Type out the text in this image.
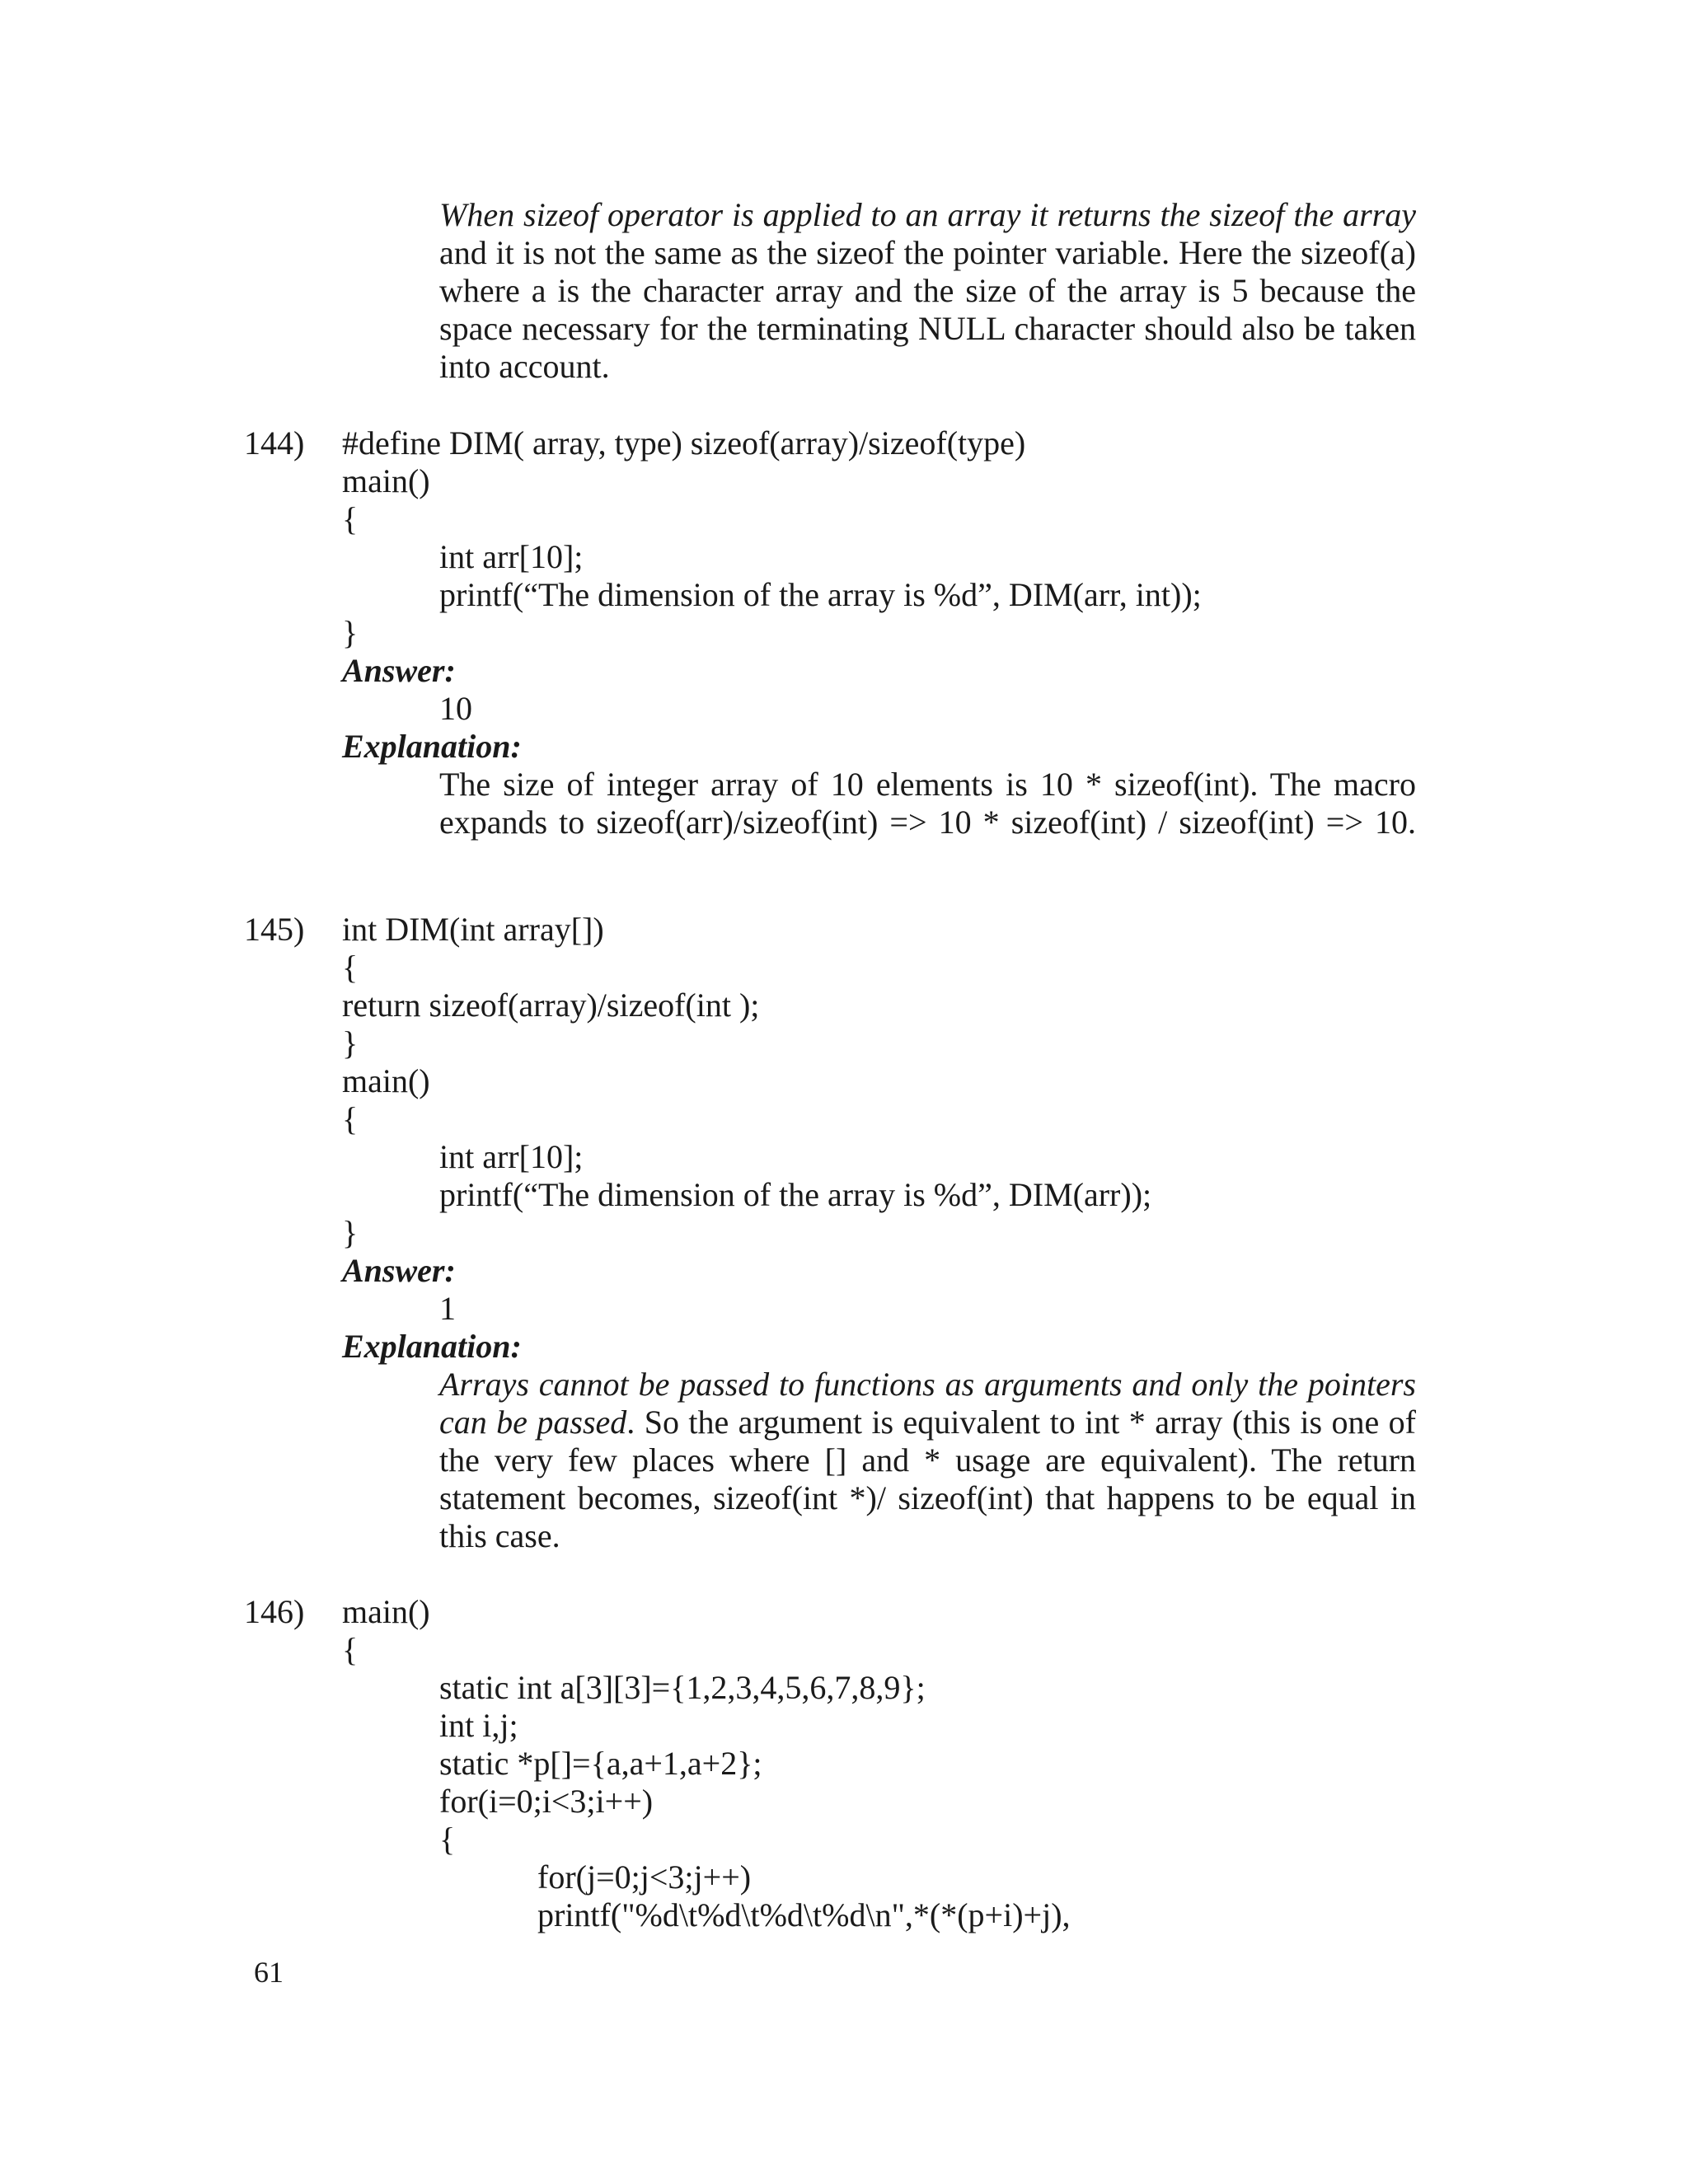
When sizeof operator is applied to an array it returns the sizeof the array

and it is not the same as the sizeof the pointer variable. Here the sizeof(a)

where a is the character array and the size of the array is 5 because the

space necessary for the terminating NULL character should also be taken

into account.

144) #define DIM( array, type) sizeof(array)/sizeof(type)

main()

{

int arr[10];

printf(“The dimension of the array is %d”, DIM(arr, int));

}

Answer:

10

Explanation:

The size of integer array of 10 elements is 10 * sizeof(int). The macro

expands to sizeof(arr)/sizeof(int) => 10 * sizeof(int) / sizeof(int) => 10.

145) int DIM(int array[])

{

return sizeof(array)/sizeof(int );

}

main()

{

int arr[10];

printf(“The dimension of the array is %d”, DIM(arr));

}

Answer:

1

Explanation:

Arrays cannot be passed to functions as arguments and only the pointers

can be passed. So the argument is equivalent to int * array (this is one of

the very few places where [] and * usage are equivalent). The return

statement becomes, sizeof(int *)/ sizeof(int) that happens to be equal in

this case.

146) main()

{

static int a[3][3]={1,2,3,4,5,6,7,8,9};

int i,j;

static *p[]={a,a+1,a+2};

for(i=0;i<3;i++)

{

for(j=0;j<3;j++)

printf("%d\t%d\t%d\t%d\n",*(*(p+i)+j),

61
